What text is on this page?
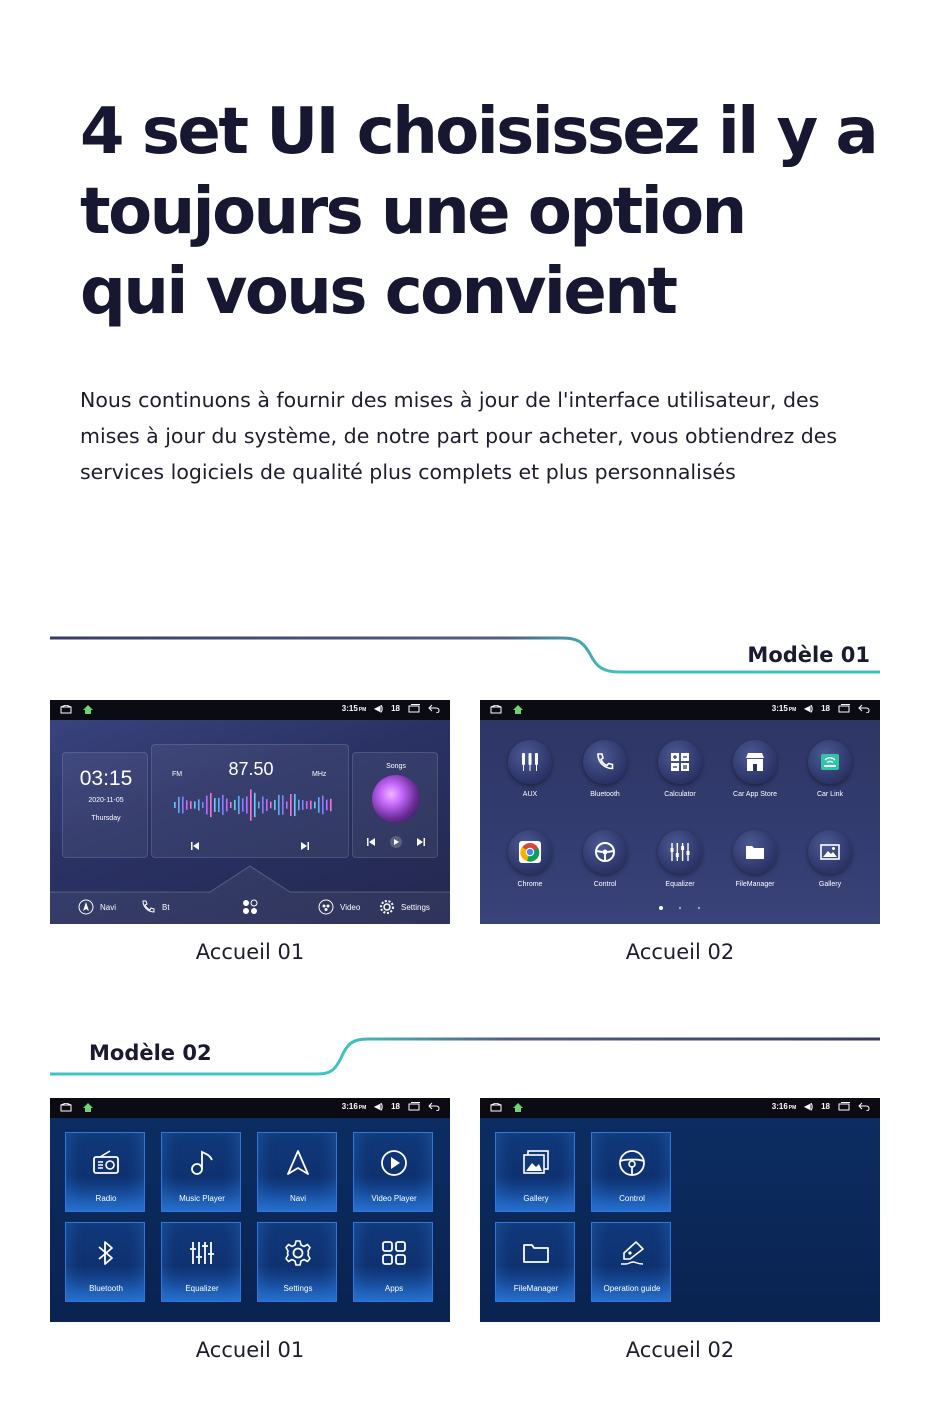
4 set UI choisissez il y a
toujours une option
qui vous convient

Nous continuons à fournir des mises à jour de l'interface utilisateur, des mises à jour du système, de notre part pour acheter, vous obtiendrez des services logiciels de qualité plus complets et plus personnalisés

Modèle 01
3:15PM ◀) 18
03:15
2020-11-05
Thursday
FM	87.50	MHz
Songs
Navi	Bt	Video	Settings
Accueil 01
3:15PM ◀) 18
AUX	Bluetooth	Calculator	Car App Store	Car Link
Chrome	Control	Equalizer	FileManager	Gallery
Accueil 02
Modèle 02
3:16PM ◀) 18
Radio	Music Player	Navi	Video Player
Bluetooth	Equalizer	Settings	Apps
Accueil 01
3:16PM ◀) 18
Gallery	Control
FileManager	Operation guide
Accueil 02
